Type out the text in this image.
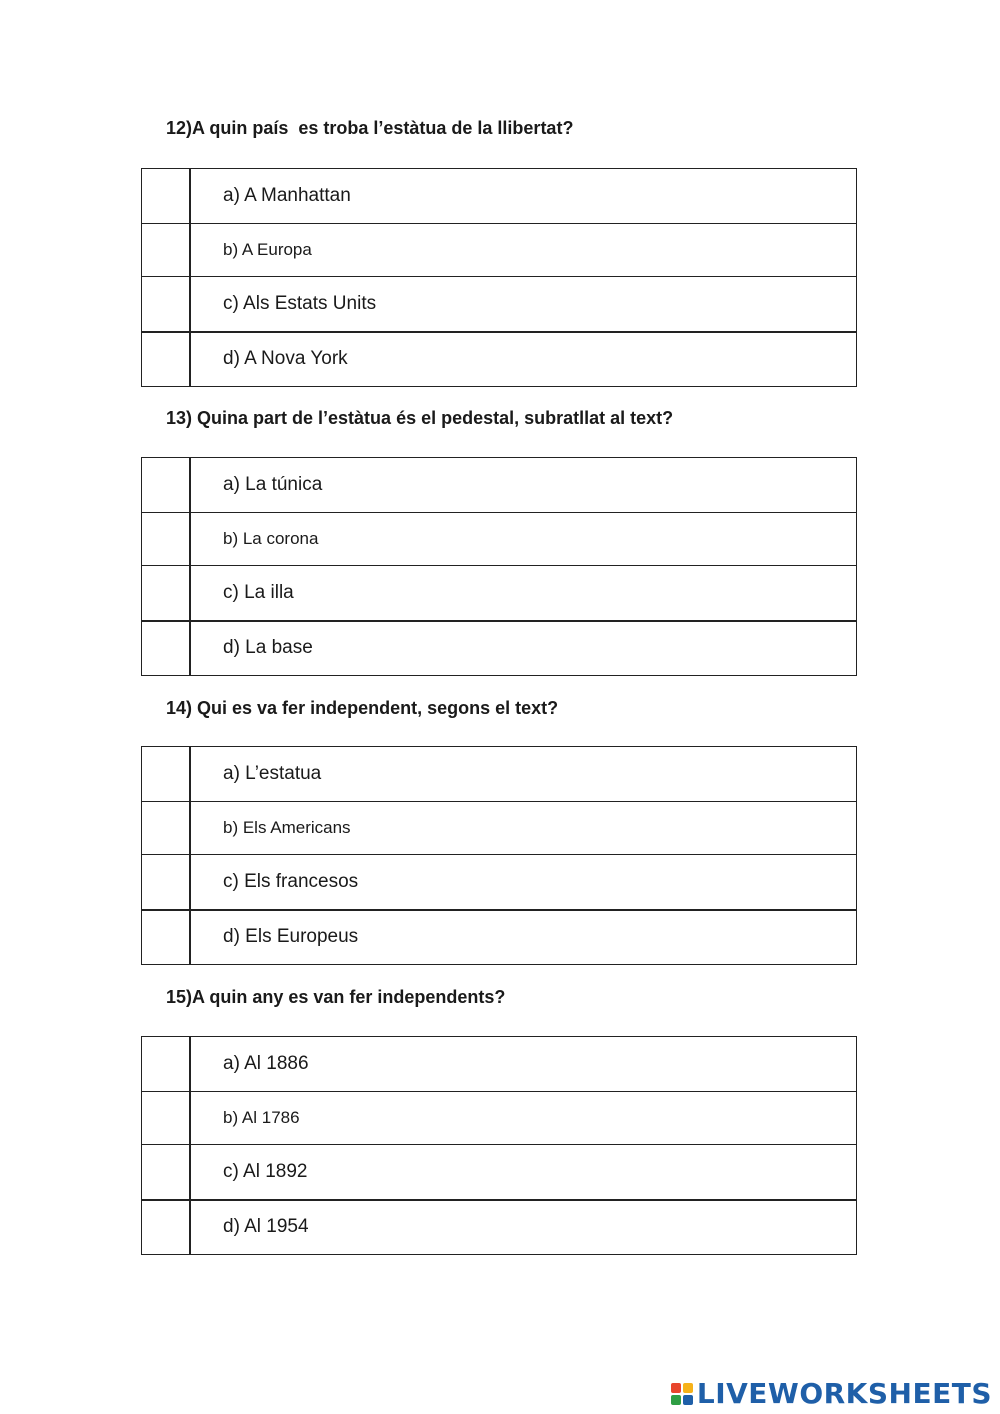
12)A quin país  es troba l’estàtua de la llibertat?
	a) A Manhattan
	b) A Europa
	c) Als Estats Units
	d) A Nova York
13) Quina part de l’estàtua és el pedestal, subratllat al text?
	a) La túnica
	b) La corona
	c) La illa
	d) La base
14) Qui es va fer independent, segons el text?
	a) L’estatua
	b) Els Americans
	c) Els francesos
	d) Els Europeus
15)A quin any es van fer independents?
	a) Al 1886
	b) Al 1786
	c) Al 1892
	d) Al 1954
LIVEWORKSHEETS
